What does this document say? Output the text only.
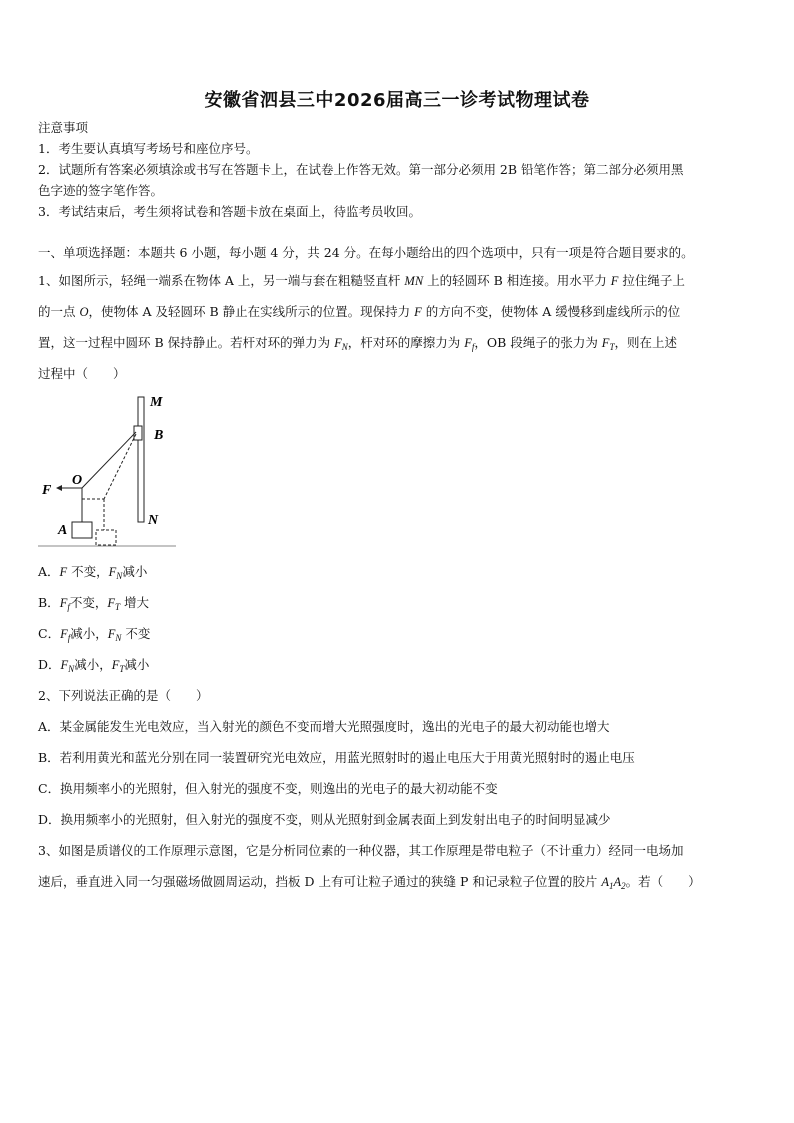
安徽省泗县三中2026届高三一诊考试物理试卷
注意事项
1．考生要认真填写考场号和座位序号。
2．试题所有答案必须填涂或书写在答题卡上，在试卷上作答无效。第一部分必须用 2B 铅笔作答；第二部分必须用黑
色字迹的签字笔作答。
3．考试结束后，考生须将试卷和答题卡放在桌面上，待监考员收回。
一、单项选择题：本题共 6 小题，每小题 4 分，共 24 分。在每小题给出的四个选项中，只有一项是符合题目要求的。
1、如图所示，轻绳一端系在物体 A 上，另一端与套在粗糙竖直杆 MN 上的轻圆环 B 相连接。用水平力 F 拉住绳子上
的一点 O，使物体 A 及轻圆环 B 静止在实线所示的位置。现保持力 F 的方向不变，使物体 A 缓慢移到虚线所示的位
置，这一过程中圆环 B 保持静止。若杆对环的弹力为 $F_N$，杆对环的摩擦力为 $F_f$，OB 段绳子的张力为 $F_T$，则在上述
过程中（　　）
M
B
O
F
A
N
A．F 不变，$F_N$减小
B．$F_f$不变，$F_T$ 增大
C．$F_f$减小，$F_N$ 不变
D．$F_N$减小，$F_T$减小
2、下列说法正确的是（　　）
A．某金属能发生光电效应，当入射光的颜色不变而增大光照强度时，逸出的光电子的最大初动能也增大
B．若利用黄光和蓝光分别在同一装置研究光电效应，用蓝光照射时的遏止电压大于用黄光照射时的遏止电压
C．换用频率小的光照射，但入射光的强度不变，则逸出的光电子的最大初动能不变
D．换用频率小的光照射，但入射光的强度不变，则从光照射到金属表面上到发射出电子的时间明显减少
3、如图是质谱仪的工作原理示意图，它是分析同位素的一种仪器，其工作原理是带电粒子（不计重力）经同一电场加
速后，垂直进入同一匀强磁场做圆周运动，挡板 D 上有可让粒子通过的狭缝 P 和记录粒子位置的胶片 $A_1A_2$。若（　　）
